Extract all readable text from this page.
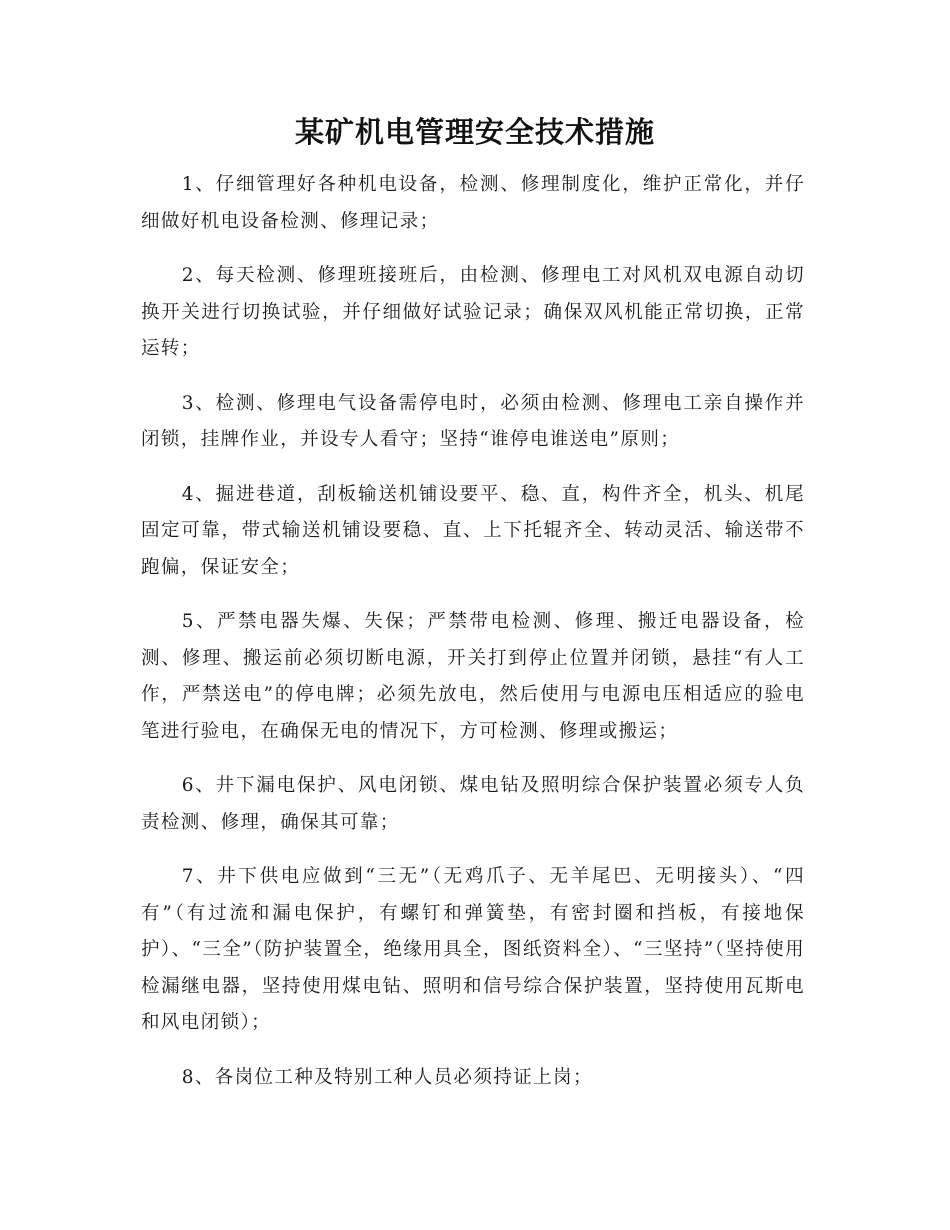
某矿机电管理安全技术措施

1、仔细管理好各种机电设备，检测、修理制度化，维护正常化，并仔细做好机电设备检测、修理记录；

2、每天检测、修理班接班后，由检测、修理电工对风机双电源自动切换开关进行切换试验，并仔细做好试验记录；确保双风机能正常切换，正常运转；

3、检测、修理电气设备需停电时，必须由检测、修理电工亲自操作并闭锁，挂牌作业，并设专人看守；坚持“谁停电谁送电”原则；

4、掘进巷道，刮板输送机铺设要平、稳、直，构件齐全，机头、机尾固定可靠，带式输送机铺设要稳、直、上下托辊齐全、转动灵活、输送带不跑偏，保证安全；

5、严禁电器失爆、失保；严禁带电检测、修理、搬迁电器设备，检测、修理、搬运前必须切断电源，开关打到停止位置并闭锁，悬挂“有人工作，严禁送电”的停电牌；必须先放电，然后使用与电源电压相适应的验电笔进行验电，在确保无电的情况下，方可检测、修理或搬运；

6、井下漏电保护、风电闭锁、煤电钻及照明综合保护装置必须专人负责检测、修理，确保其可靠；

7、井下供电应做到“三无”（无鸡爪子、无羊尾巴、无明接头）、“四有”（有过流和漏电保护，有螺钉和弹簧垫，有密封圈和挡板，有接地保护）、“三全”（防护装置全，绝缘用具全，图纸资料全）、“三坚持”（坚持使用检漏继电器，坚持使用煤电钻、照明和信号综合保护装置，坚持使用瓦斯电和风电闭锁）；

8、各岗位工种及特别工种人员必须持证上岗；
